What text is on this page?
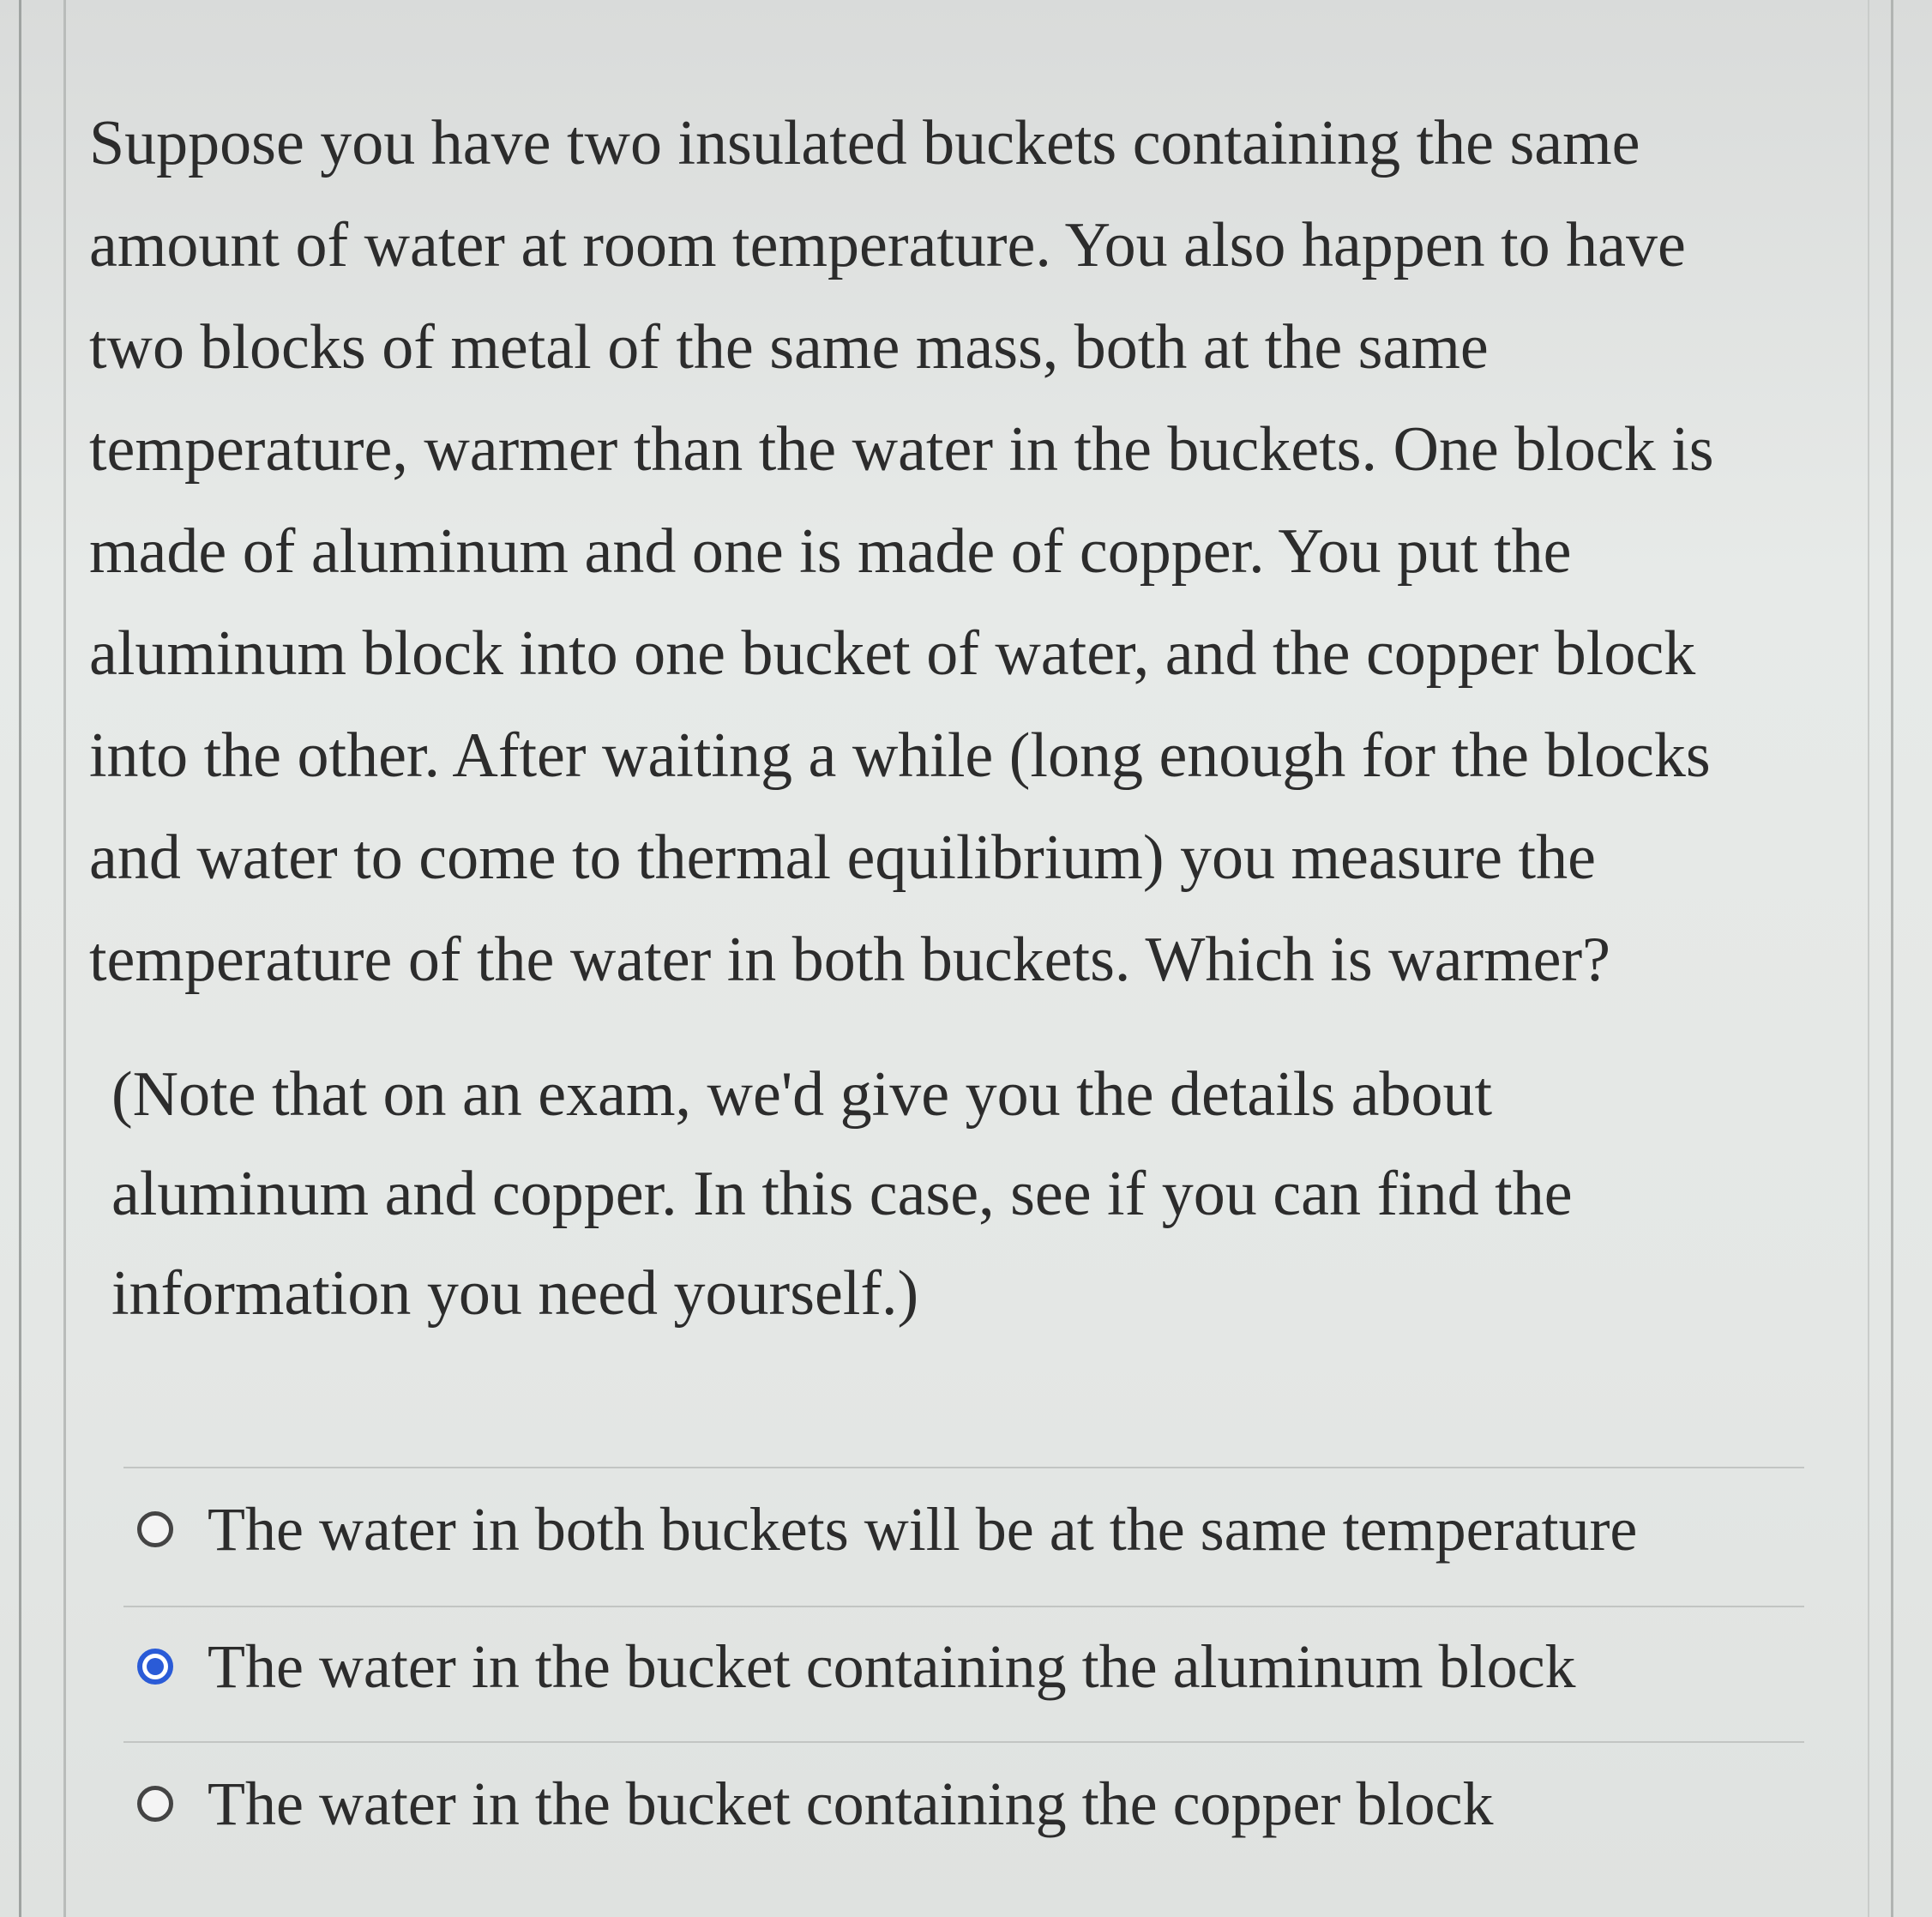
Suppose you have two insulated buckets containing the same

amount of water at room temperature. You also happen to have

two blocks of metal of the same mass, both at the same

temperature, warmer than the water in the buckets. One block is

made of aluminum and one is made of copper. You put the

aluminum block into one bucket of water, and the copper block

into the other. After waiting a while (long enough for the blocks

and water to come to thermal equilibrium) you measure the

temperature of the water in both buckets. Which is warmer?

(Note that on an exam, we'd give you the details about

aluminum and copper. In this case, see if you can find the

information you need yourself.)

The water in both buckets will be at the same temperature
The water in the bucket containing the aluminum block
The water in the bucket containing the copper block
